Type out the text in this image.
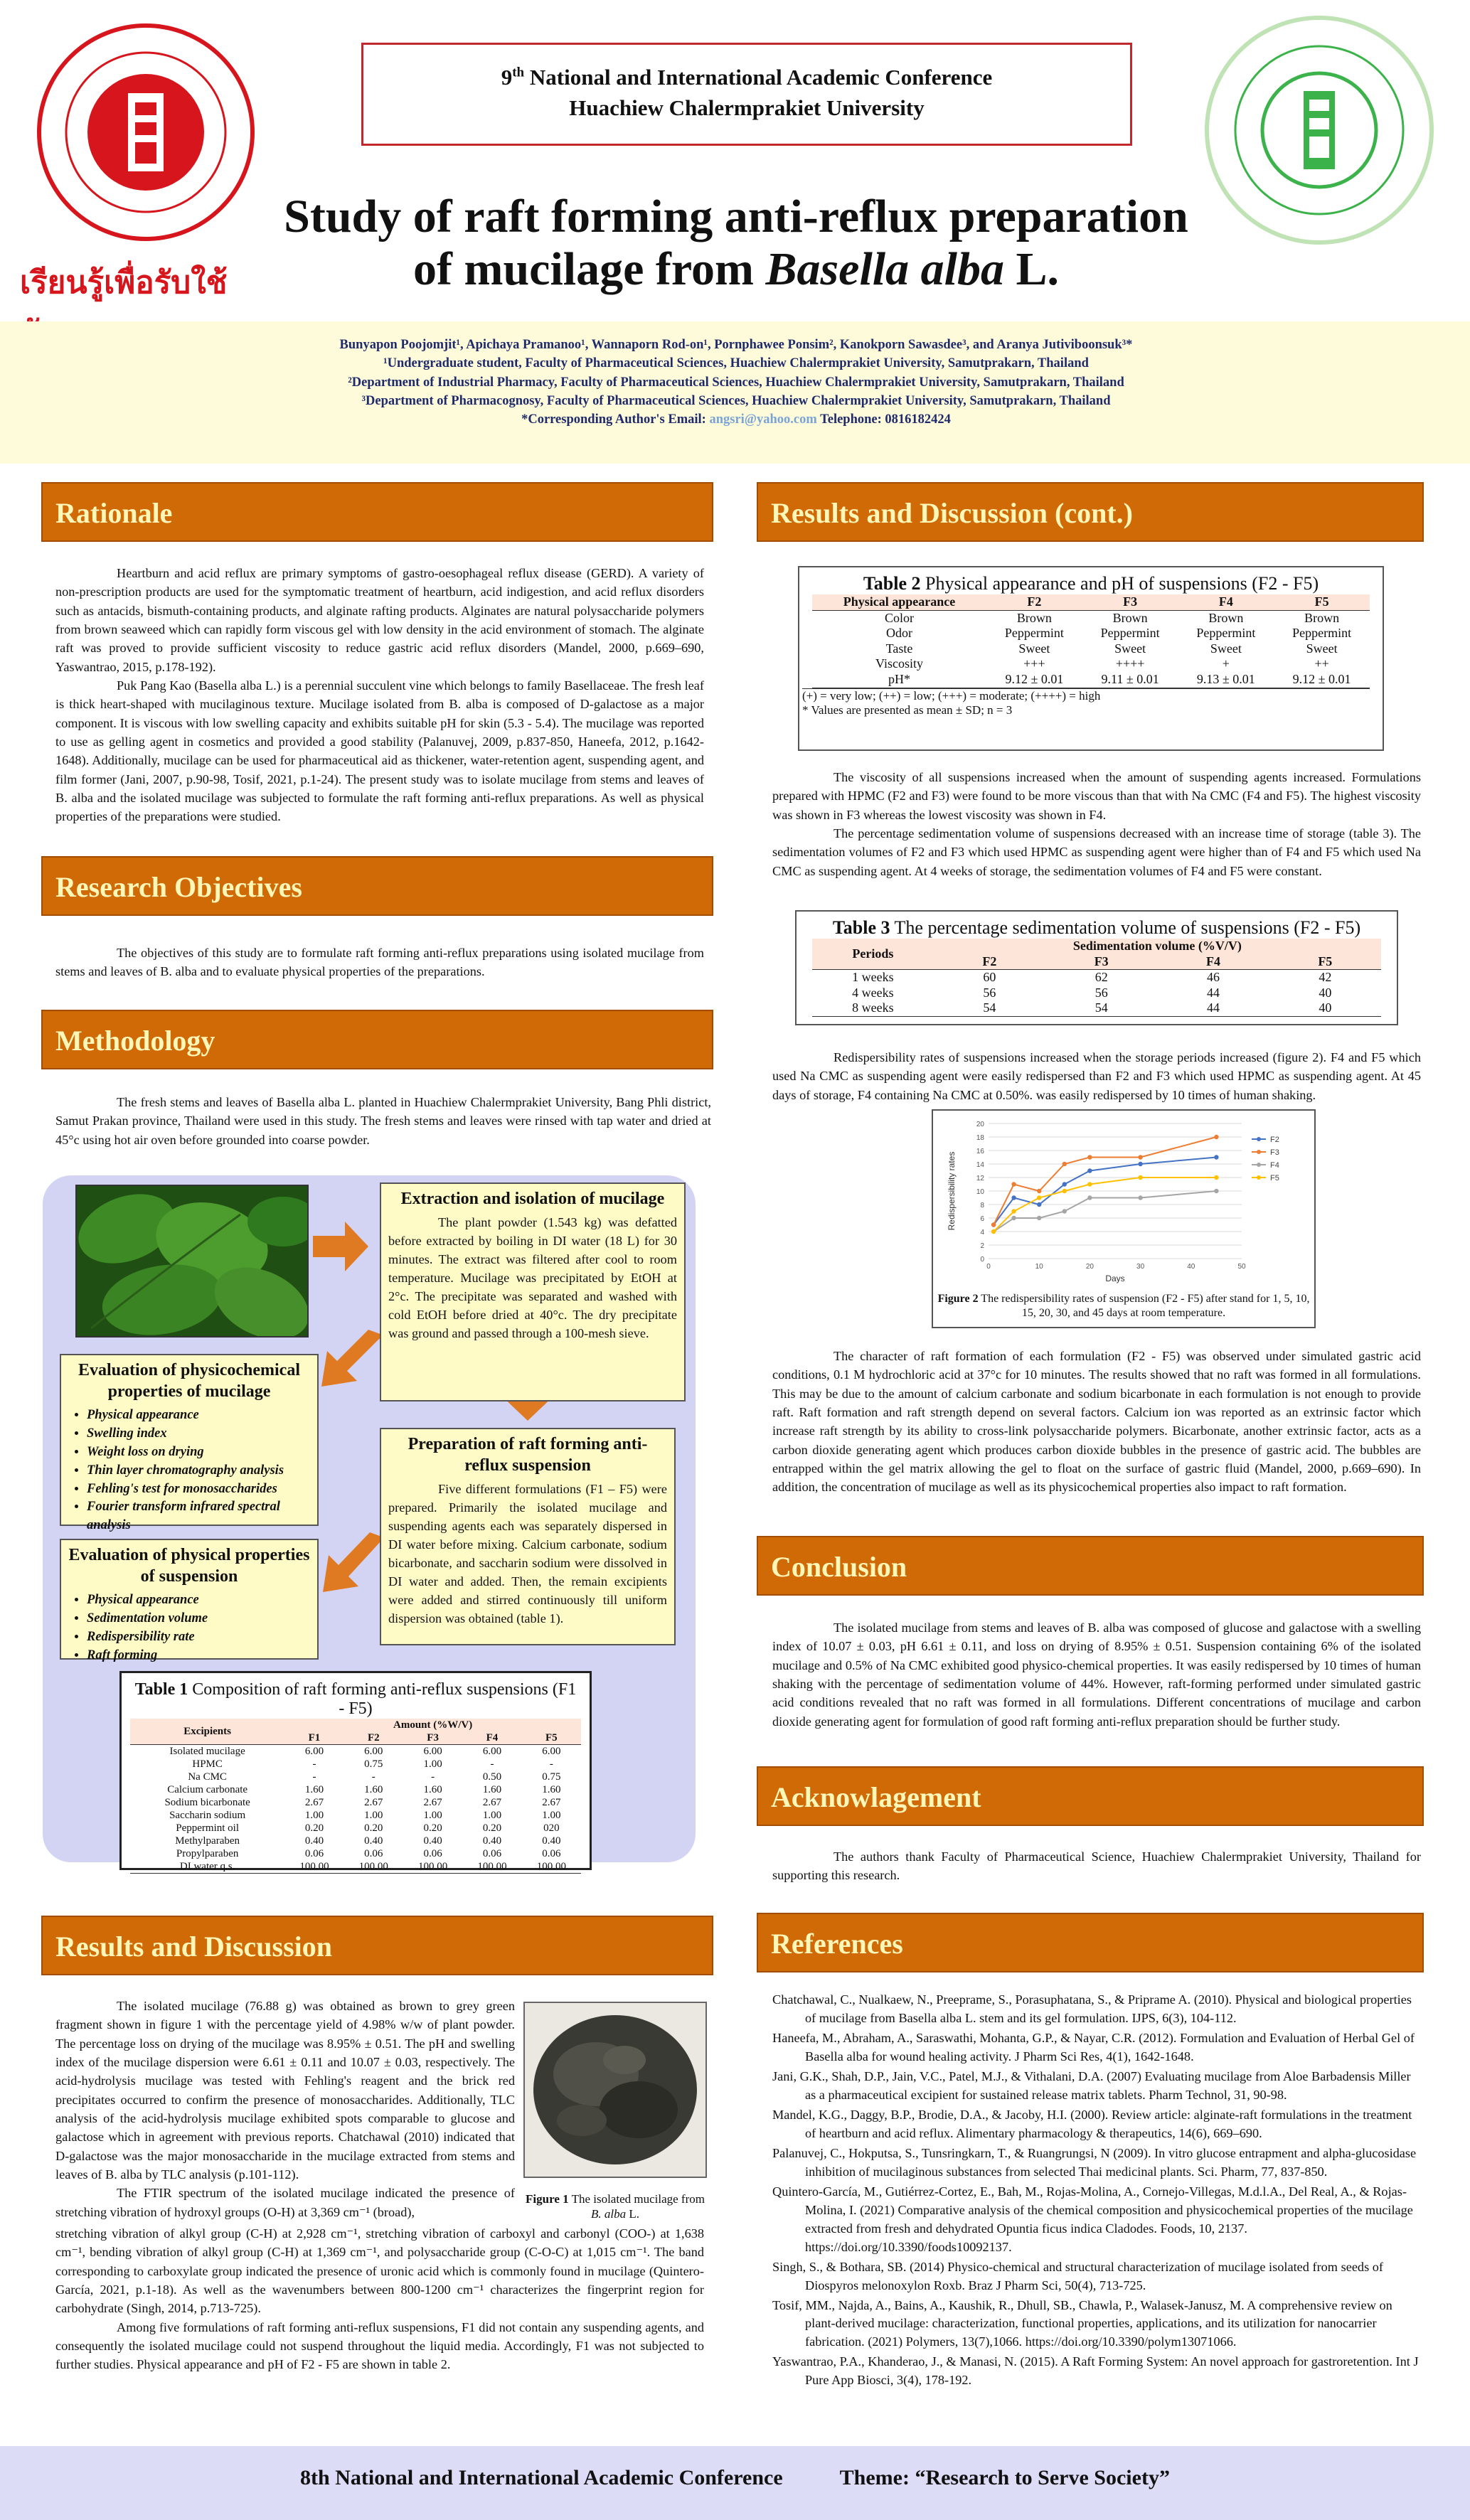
เรียนรู้เพื่อรับใช้
9th National and International Academic Conference
Huachiew Chalermprakiet University
Study of raft forming anti-reflux preparation
of mucilage from Basella alba L.
Bunyapon Poojomjit¹, Apichaya Pramanoo¹, Wannaporn Rod-on¹, Pornphawee Ponsim², Kanokporn Sawasdee³, and Aranya Jutiviboonsuk³*
¹Undergraduate student, Faculty of Pharmaceutical Sciences, Huachiew Chalermprakiet University, Samutprakarn, Thailand
²Department of Industrial Pharmacy, Faculty of Pharmaceutical Sciences, Huachiew Chalermprakiet University, Samutprakarn, Thailand
³Department of Pharmacognosy, Faculty of Pharmaceutical Sciences, Huachiew Chalermprakiet University, Samutprakarn, Thailand
*Corresponding Author's Email: angsri@yahoo.com Telephone: 0816182424
Rationale

Heartburn and acid reflux are primary symptoms of gastro-oesophageal reflux disease (GERD). A variety of non-prescription products are used for the symptomatic treatment of heartburn, acid indigestion, and acid reflux disorders such as antacids, bismuth-containing products, and alginate rafting products. Alginates are natural polysaccharide polymers from brown seaweed which can rapidly form viscous gel with low density in the acid environment of stomach. The alginate raft was proved to provide sufficient viscosity to reduce gastric acid reflux disorders (Mandel, 2000, p.669–690, Yaswantrao, 2015, p.178-192).

Puk Pang Kao (Basella alba L.) is a perennial succulent vine which belongs to family Basellaceae. The fresh leaf is thick heart-shaped with mucilaginous texture. Mucilage isolated from B. alba is composed of D-galactose as a major component. It is viscous with low swelling capacity and exhibits suitable pH for skin (5.3 - 5.4). The mucilage was reported to use as gelling agent in cosmetics and provided a good stability (Palanuvej, 2009, p.837-850, Haneefa, 2012, p.1642-1648). Additionally, mucilage can be used for pharmaceutical aid as thickener, water-retention agent, suspending agent, and film former (Jani, 2007, p.90-98, Tosif, 2021, p.1-24). The present study was to isolate mucilage from stems and leaves of B. alba and the isolated mucilage was subjected to formulate the raft forming anti-reflux preparations. As well as physical properties of the preparations were studied.

Research Objectives

The objectives of this study are to formulate raft forming anti-reflux preparations using isolated mucilage from stems and leaves of B. alba and to evaluate physical properties of the preparations.

Methodology

The fresh stems and leaves of Basella alba L. planted in Huachiew Chalermprakiet University, Bang Phli district, Samut Prakan province, Thailand were used in this study. The fresh stems and leaves were rinsed with tap water and dried at 45°c using hot air oven before grounded into coarse powder.

Extraction and isolation of mucilage
The plant powder (1.543 kg) was defatted before extracted by boiling in DI water (18 L) for 30 minutes. The extract was filtered after cool to room temperature. Mucilage was precipitated by EtOH at 2°c. The precipitate was separated and washed with cold EtOH before dried at 40°c. The dry precipitate was ground and passed through a 100-mesh sieve.
Evaluation of physicochemical properties of mucilage
• Physical appearance
• Swelling index
• Weight loss on drying
• Thin layer chromatography analysis
• Fehling's test for monosaccharides
• Fourier transform infrared spectral analysis
Preparation of raft forming anti-reflux suspension
Five different formulations (F1 – F5) were prepared. Primarily the isolated mucilage and suspending agents each was separately dispersed in DI water before mixing. Calcium carbonate, sodium bicarbonate, and saccharin sodium were dissolved in DI water and added. Then, the remain excipients were added and stirred continuously till uniform dispersion was obtained (table 1).
Evaluation of physical properties of suspension
• Physical appearance
• Sedimentation volume
• Redispersibility rate
• Raft forming
Table 1 Composition of raft forming anti-reflux suspensions (F1 - F5)
Excipients	Amount (%W/V)				
	F1	F2	F3	F4	F5
Isolated mucilage	6.00	6.00	6.00	6.00	6.00
HPMC	-	0.75	1.00	-	-
Na CMC	-	-	-	0.50	0.75
Calcium carbonate	1.60	1.60	1.60	1.60	1.60
Sodium bicarbonate	2.67	2.67	2.67	2.67	2.67
Saccharin sodium	1.00	1.00	1.00	1.00	1.00
Peppermint oil	0.20	0.20	0.20	0.20	020
Methylparaben	0.40	0.40	0.40	0.40	0.40
Propylparaben	0.06	0.06	0.06	0.06	0.06
DI water q.s.	100.00	100.00	100.00	100.00	100.00
Results and Discussion

The isolated mucilage (76.88 g) was obtained as brown to grey green fragment shown in figure 1 with the percentage yield of 4.98% w/w of plant powder. The percentage loss on drying of the mucilage was 8.95% ± 0.51. The pH and swelling index of the mucilage dispersion were 6.61 ± 0.11 and 10.07 ± 0.03, respectively. The acid-hydrolysis mucilage was tested with Fehling's reagent and the brick red precipitates occurred to confirm the presence of monosaccharides. Additionally, TLC analysis of the acid-hydrolysis mucilage exhibited spots comparable to glucose and galactose which in agreement with previous reports. Chatchawal (2010) indicated that D-galactose was the major monosaccharide in the mucilage extracted from stems and leaves of B. alba by TLC analysis (p.101-112).

The FTIR spectrum of the isolated mucilage indicated the presence of stretching vibration of hydroxyl groups (O-H) at 3,369 cm⁻¹ (broad),

Figure 1 The isolated mucilage from B. alba L.
stretching vibration of alkyl group (C-H) at 2,928 cm⁻¹, stretching vibration of carboxyl and carbonyl (COO-) at 1,638 cm⁻¹, bending vibration of alkyl group (C-H) at 1,369 cm⁻¹, and polysaccharide group (C-O-C) at 1,015 cm⁻¹. The band corresponding to carboxylate group indicated the presence of uronic acid which is commonly found in mucilage (Quintero-García, 2021, p.1-18). As well as the wavenumbers between 800-1200 cm⁻¹ characterizes the fingerprint region for carbohydrate (Singh, 2014, p.713-725).

Among five formulations of raft forming anti-reflux suspensions, F1 did not contain any suspending agents, and consequently the isolated mucilage could not suspend throughout the liquid media. Accordingly, F1 was not subjected to further studies. Physical appearance and pH of F2 - F5 are shown in table 2.

Results and Discussion (cont.)
Table 2 Physical appearance and pH of suspensions (F2 - F5)
Physical appearance	F2	F3	F4	F5
Color	Brown	Brown	Brown	Brown
Odor	Peppermint	Peppermint	Peppermint	Peppermint
Taste	Sweet	Sweet	Sweet	Sweet
Viscosity	+++	++++	+	++
pH*	9.12 ± 0.01	9.11 ± 0.01	9.13 ± 0.01	9.12 ± 0.01
(+) = very low; (++) = low; (+++) = moderate; (++++) = high
* Values are presented as mean ± SD; n = 3

The viscosity of all suspensions increased when the amount of suspending agents increased. Formulations prepared with HPMC (F2 and F3) were found to be more viscous than that with Na CMC (F4 and F5). The highest viscosity was shown in F3 whereas the lowest viscosity was shown in F4.

The percentage sedimentation volume of suspensions decreased with an increase time of storage (table 3). The sedimentation volumes of F2 and F3 which used HPMC as suspending agent were higher than of F4 and F5 which used Na CMC as suspending agent. At 4 weeks of storage, the sedimentation volumes of F4 and F5 were constant.

Table 3 The percentage sedimentation volume of suspensions (F2 - F5)
Periods	Sedimentation volume (%V/V)			
	F2	F3	F4	F5
1 weeks	60	62	46	42
4 weeks	56	56	44	40
8 weeks	54	54	44	40

Redispersibility rates of suspensions increased when the storage periods increased (figure 2). F4 and F5 which used Na CMC as suspending agent were easily redispersed than F2 and F3 which used HPMC as suspending agent. At 45 days of storage, F4 containing Na CMC at 0.50%. was easily redispersed by 10 times of human shaking.

0
2
4
6
8
10
12
14
16
18
20
0	10	20	30	40	50
Days
Redispersibility rates
F2
F3
F4
F5
Figure 2 The redispersibility rates of suspension (F2 - F5) after stand for 1, 5, 10, 15, 20, 30, and 45 days at room temperature.

The character of raft formation of each formulation (F2 - F5) was observed under simulated gastric acid conditions, 0.1 M hydrochloric acid at 37°c for 10 minutes. The results showed that no raft was formed in all formulations. This may be due to the amount of calcium carbonate and sodium bicarbonate in each formulation is not enough to provide raft. Raft formation and raft strength depend on several factors. Calcium ion was reported as an extrinsic factor which increase raft strength by its ability to cross-link polysaccharide polymers. Bicarbonate, another extrinsic factor, acts as a carbon dioxide generating agent which produces carbon dioxide bubbles in the presence of gastric acid. The bubbles are entrapped within the gel matrix allowing the gel to float on the surface of gastric fluid (Mandel, 2000, p.669–690). In addition, the concentration of mucilage as well as its physicochemical properties also impact to raft formation.

Conclusion

The isolated mucilage from stems and leaves of B. alba was composed of glucose and galactose with a swelling index of 10.07 ± 0.03, pH 6.61 ± 0.11, and loss on drying of 8.95% ± 0.51. Suspension containing 6% of the isolated mucilage and 0.5% of Na CMC exhibited good physico-chemical properties. It was easily redispersed by 10 times of human shaking with the percentage of sedimentation volume of 44%. However, raft-forming performed under simulated gastric acid conditions revealed that no raft was formed in all formulations. Different concentrations of mucilage and carbon dioxide generating agent for formulation of good raft forming anti-reflux preparation should be further study.

Acknowlagement

The authors thank Faculty of Pharmaceutical Science, Huachiew Chalermprakiet University, Thailand for supporting this research.

References

Chatchawal, C., Nualkaew, N., Preeprame, S., Porasuphatana, S., & Priprame A. (2010). Physical and biological properties of mucilage from Basella alba L. stem and its gel formulation. IJPS, 6(3), 104-112.

Haneefa, M., Abraham, A., Saraswathi, Mohanta, G.P., & Nayar, C.R. (2012). Formulation and Evaluation of Herbal Gel of Basella alba for wound healing activity. J Pharm Sci Res, 4(1), 1642-1648.

Jani, G.K., Shah, D.P., Jain, V.C., Patel, M.J., & Vithalani, D.A. (2007) Evaluating mucilage from Aloe Barbadensis Miller as a pharmaceutical excipient for sustained release matrix tablets. Pharm Technol, 31, 90-98.

Mandel, K.G., Daggy, B.P., Brodie, D.A., & Jacoby, H.I. (2000). Review article: alginate-raft formulations in the treatment of heartburn and acid reflux. Alimentary pharmacology & therapeutics, 14(6), 669–690.

Palanuvej, C., Hokputsa, S., Tunsringkarn, T., & Ruangrungsi, N (2009). In vitro glucose entrapment and alpha-glucosidase inhibition of mucilaginous substances from selected Thai medicinal plants. Sci. Pharm, 77, 837-850.

Quintero-García, M., Gutiérrez-Cortez, E., Bah, M., Rojas-Molina, A., Cornejo-Villegas, M.d.l.A., Del Real, A., & Rojas-Molina, I. (2021) Comparative analysis of the chemical composition and physicochemical properties of the mucilage extracted from fresh and dehydrated Opuntia ficus indica Cladodes. Foods, 10, 2137. https://doi.org/10.3390/foods10092137.

Singh, S., & Bothara, SB. (2014) Physico-chemical and structural characterization of mucilage isolated from seeds of Diospyros melonoxylon Roxb. Braz J Pharm Sci, 50(4), 713-725.

Tosif, MM., Najda, A., Bains, A., Kaushik, R., Dhull, SB., Chawla, P., Walasek-Janusz, M. A comprehensive review on plant-derived mucilage: characterization, functional properties, applications, and its utilization for nanocarrier fabrication. (2021) Polymers, 13(7),1066. https://doi.org/10.3390/polym13071066.

Yaswantrao, P.A., Khanderao, J., & Manasi, N. (2015). A Raft Forming System: An novel approach for gastroretention. Int J Pure App Biosci, 3(4), 178-192.

8th National and International Academic Conference	Theme: “Research to Serve Society”
